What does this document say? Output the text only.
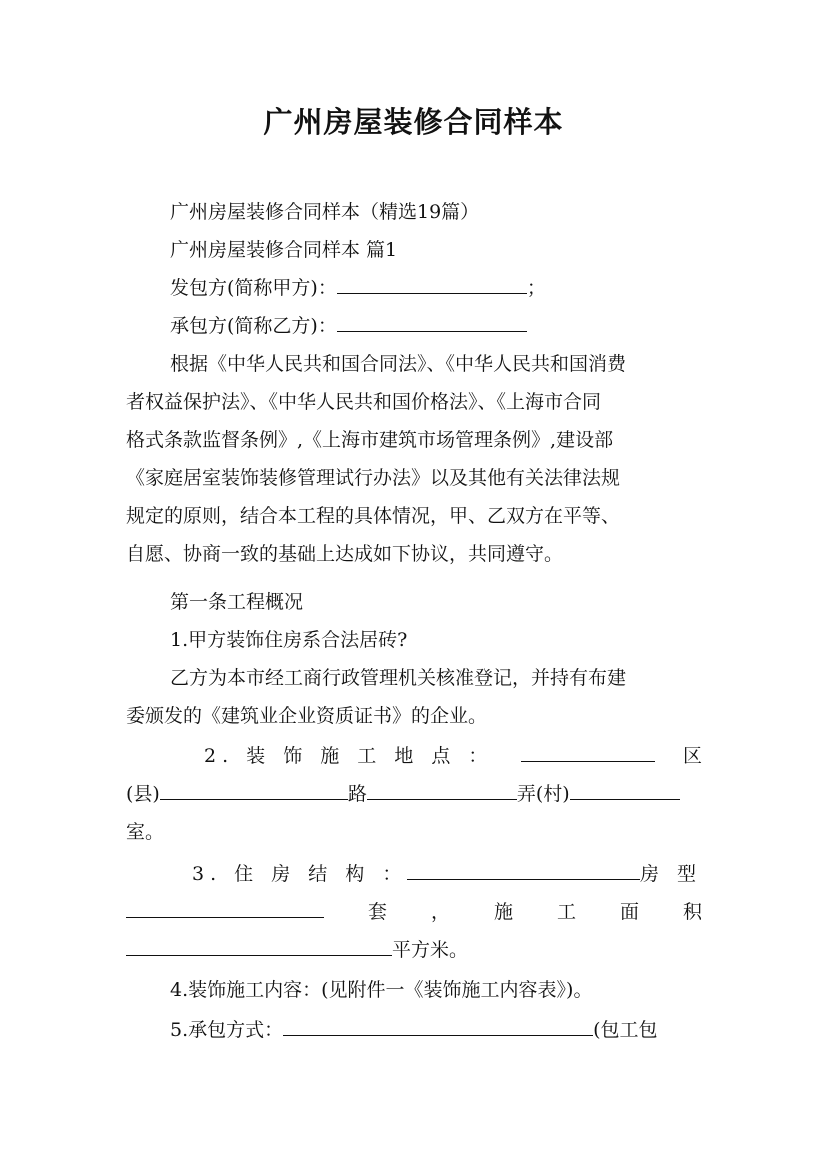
广州房屋装修合同样本
广州房屋装修合同样本（精选19篇）
广州房屋装修合同样本 篇1
发包方(简称甲方)：	；
承包方(简称乙方)：
根据《中华人民共和国合同法》、《中华人民共和国消费
者权益保护法》、《中华人民共和国价格法》、《上海市合同
格式条款监督条例》,《上海市建筑市场管理条例》,建设部
《家庭居室装饰装修管理试行办法》以及其他有关法律法规
规定的原则，结合本工程的具体情况，甲、乙双方在平等、
自愿、协商一致的基础上达成如下协议，共同遵守。
第一条工程概况
1.甲方装饰住房系合法居砖?
乙方为本市经工商行政管理机关核准登记，并持有布建
委颁发的《建筑业企业资质证书》的企业。
2. 装 饰 施 工 地 点 ：	区
(县)	路	弄(村)
室。
3. 住 房 结 构 ：	房 型
套 ， 施 工 面 积
平方米。
4.装饰施工内容：(见附件一《装饰施工内容表》)。
5.承包方式：	(包工包
